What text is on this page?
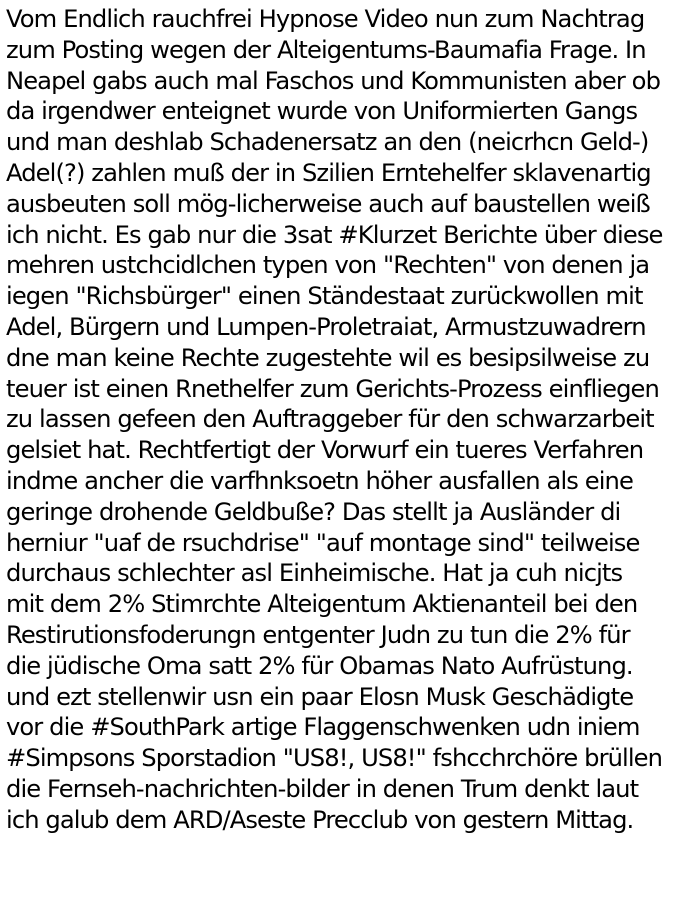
Vom Endlich rauchfrei Hypnose Video nun zum Nachtrag
zum Posting wegen der Alteigentums-Baumafia Frage. In
Neapel gabs auch mal Faschos und Kommunisten aber ob
da irgendwer enteignet wurde von Uniformierten Gangs
und man deshlab Schadenersatz an den (neicrhcn Geld-)
Adel(?) zahlen muß der in Szilien Erntehelfer sklavenartig
ausbeuten soll mög-licherweise auch auf baustellen weiß
ich nicht. Es gab nur die 3sat #Klurzet Berichte über diese
mehren ustchcidlchen typen von "Rechten" von denen ja
iegen "Richsbürger" einen Ständestaat zurückwollen mit
Adel, Bürgern und Lumpen-Proletraiat, Armustzuwadrern
dne man keine Rechte zugestehte wil es besipsilweise zu
teuer ist einen Rnethelfer zum Gerichts-Prozess einfliegen
zu lassen gefeen den Auftraggeber für den schwarzarbeit
gelsiet hat. Rechtfertigt der Vorwurf ein tueres Verfahren
indme ancher die varfhnksoetn höher ausfallen als eine
geringe drohende Geldbuße? Das stellt ja Ausländer di
herniur "uaf de rsuchdrise" "auf montage sind" teilweise
durchaus schlechter asl Einheimische. Hat ja cuh nicjts
mit dem 2% Stimrchte Alteigentum Aktienanteil bei den
Restirutionsfoderungn entgenter Judn zu tun die 2% für
die jüdische Oma satt 2% für Obamas Nato Aufrüstung.
und ezt stellenwir usn ein paar Elosn Musk Geschädigte
vor die #SouthPark artige Flaggenschwenken udn iniem
#Simpsons Sporstadion "US8!, US8!" fshcchrchöre brüllen
die Fernseh-nachrichten-bilder in denen Trum denkt laut
ich galub dem ARD/Aseste Precclub von gestern Mittag.
